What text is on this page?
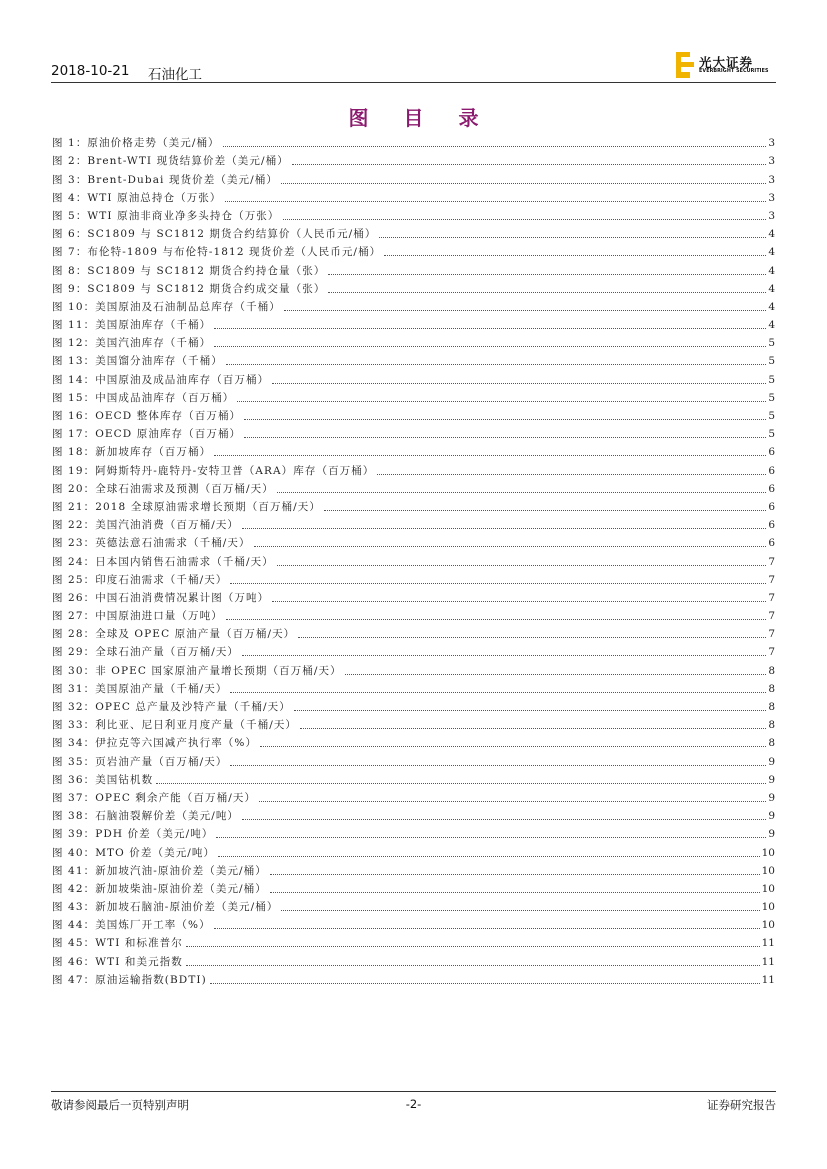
2018-10-21 石油化工
光大证券
EVERBRIGHT SECURITIES
图 目 录
图 1：原油价格走势（美元/桶）	3
图 2：Brent-WTI 现货结算价差（美元/桶）	3
图 3：Brent-Dubai 现货价差（美元/桶）	3
图 4：WTI 原油总持仓（万张）	3
图 5：WTI 原油非商业净多头持仓（万张）	3
图 6：SC1809 与 SC1812 期货合约结算价（人民币元/桶）	4
图 7：布伦特-1809 与布伦特-1812 现货价差（人民币元/桶）	4
图 8：SC1809 与 SC1812 期货合约持仓量（张）	4
图 9：SC1809 与 SC1812 期货合约成交量（张）	4
图 10：美国原油及石油制品总库存（千桶）	4
图 11：美国原油库存（千桶）	4
图 12：美国汽油库存（千桶）	5
图 13：美国馏分油库存（千桶）	5
图 14：中国原油及成品油库存（百万桶）	5
图 15：中国成品油库存（百万桶）	5
图 16：OECD 整体库存（百万桶）	5
图 17：OECD 原油库存（百万桶）	5
图 18：新加坡库存（百万桶）	6
图 19：阿姆斯特丹-鹿特丹-安特卫普（ARA）库存（百万桶）	6
图 20：全球石油需求及预测（百万桶/天）	6
图 21：2018 全球原油需求增长预期（百万桶/天）	6
图 22：美国汽油消费（百万桶/天）	6
图 23：英德法意石油需求（千桶/天）	6
图 24：日本国内销售石油需求（千桶/天）	7
图 25：印度石油需求（千桶/天）	7
图 26：中国石油消费情况累计图（万吨）	7
图 27：中国原油进口量（万吨）	7
图 28：全球及 OPEC 原油产量（百万桶/天）	7
图 29：全球石油产量（百万桶/天）	7
图 30：非 OPEC 国家原油产量增长预期（百万桶/天）	8
图 31：美国原油产量（千桶/天）	8
图 32：OPEC 总产量及沙特产量（千桶/天）	8
图 33：利比亚、尼日利亚月度产量（千桶/天）	8
图 34：伊拉克等六国减产执行率（%）	8
图 35：页岩油产量（百万桶/天）	9
图 36：美国钻机数	9
图 37：OPEC 剩余产能（百万桶/天）	9
图 38：石脑油裂解价差（美元/吨）	9
图 39：PDH 价差（美元/吨）	9
图 40：MTO 价差（美元/吨）	10
图 41：新加坡汽油-原油价差（美元/桶）	10
图 42：新加坡柴油-原油价差（美元/桶）	10
图 43：新加坡石脑油-原油价差（美元/桶）	10
图 44：美国炼厂开工率（%）	10
图 45：WTI 和标准普尔	11
图 46：WTI 和美元指数	11
图 47：原油运输指数(BDTI)	11
敬请参阅最后一页特别声明	-2-	证券研究报告
